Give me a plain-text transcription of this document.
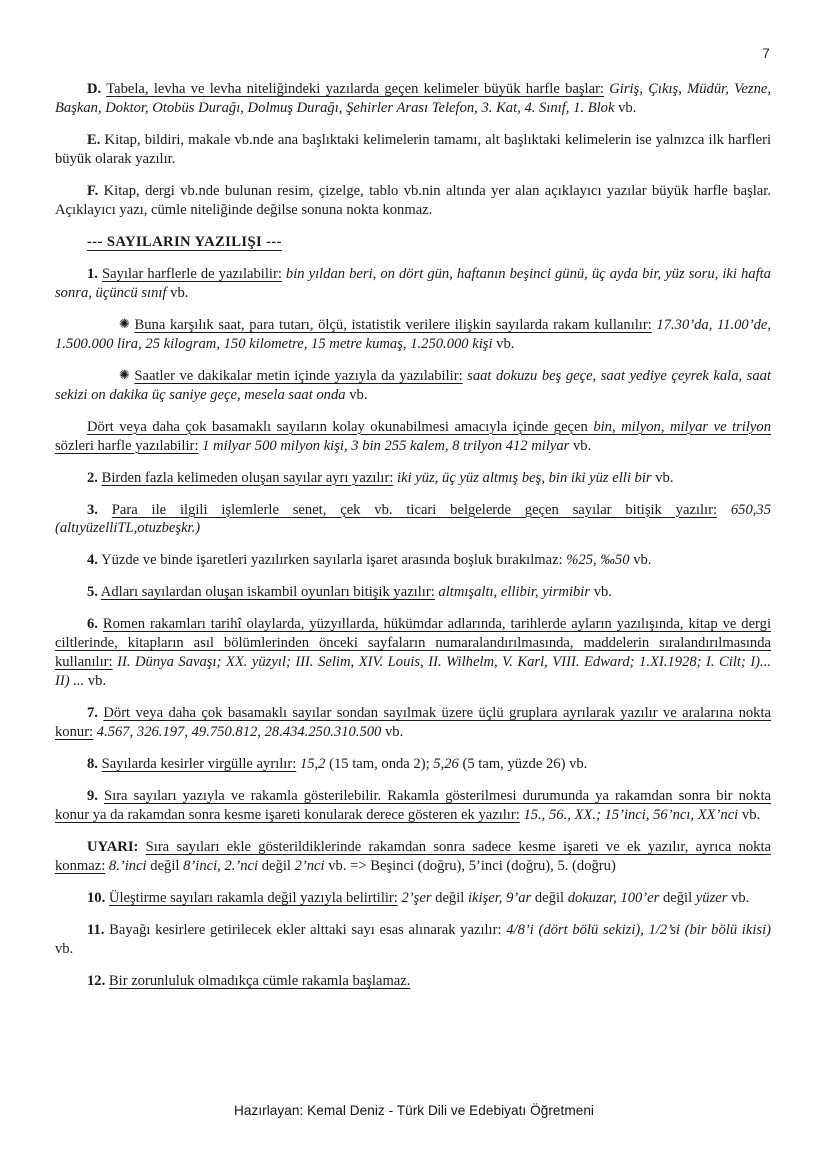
7

D. Tabela, levha ve levha niteliğindeki yazılarda geçen kelimeler büyük harfle başlar: Giriş, Çıkış, Müdür, Vezne, Başkan, Doktor, Otobüs Durağı, Dolmuş Durağı, Şehirler Arası Telefon, 3. Kat, 4. Sınıf, 1. Blok vb.

E. Kitap, bildiri, makale vb.nde ana başlıktaki kelimelerin tamamı, alt başlıktaki kelimelerin ise yalnızca ilk harfleri büyük olarak yazılır.

F. Kitap, dergi vb.nde bulunan resim, çizelge, tablo vb.nin altında yer alan açıklayıcı yazılar büyük harfle başlar. Açıklayıcı yazı, cümle niteliğinde değilse sonuna nokta konmaz.

--- SAYILARIN YAZILIŞI ---

1. Sayılar harflerle de yazılabilir: bin yıldan beri, on dört gün, haftanın beşinci günü, üç ayda bir, yüz soru, iki hafta sonra, üçüncü sınıf vb.

✺ Buna karşılık saat, para tutarı, ölçü, istatistik verilere ilişkin sayılarda rakam kullanılır: 17.30’da, 11.00’de, 1.500.000 lira, 25 kilogram, 150 kilometre, 15 metre kumaş, 1.250.000 kişi vb.

✺ Saatler ve dakikalar metin içinde yazıyla da yazılabilir: saat dokuzu beş geçe, saat yediye çeyrek kala, saat sekizi on dakika üç saniye geçe, mesela saat onda vb.

Dört veya daha çok basamaklı sayıların kolay okunabilmesi amacıyla içinde geçen bin, milyon, milyar ve trilyon sözleri harfle yazılabilir: 1 milyar 500 milyon kişi, 3 bin 255 kalem, 8 trilyon 412 milyar vb.

2. Birden fazla kelimeden oluşan sayılar ayrı yazılır: iki yüz, üç yüz altmış beş, bin iki yüz elli bir vb.

3. Para ile ilgili işlemlerle senet, çek vb. ticari belgelerde geçen sayılar bitişik yazılır: 650,35 (altıyüzelliTL,otuzbeşkr.)

4. Yüzde ve binde işaretleri yazılırken sayılarla işaret arasında boşluk bırakılmaz: %25, ‰50 vb.

5. Adları sayılardan oluşan iskambil oyunları bitişik yazılır: altmışaltı, ellibir, yirmibir vb.

6. Romen rakamları tarihî olaylarda, yüzyıllarda, hükümdar adlarında, tarihlerde ayların yazılışında, kitap ve dergi ciltlerinde, kitapların asıl bölümlerinden önceki sayfaların numaralandırılmasında, maddelerin sıralandırılmasında kullanılır: II. Dünya Savaşı; XX. yüzyıl; III. Selim, XIV. Louis, II. Wilhelm, V. Karl, VIII. Edward; 1.XI.1928; I. Cilt; I)... II) ... vb.

7. Dört veya daha çok basamaklı sayılar sondan sayılmak üzere üçlü gruplara ayrılarak yazılır ve aralarına nokta konur: 4.567, 326.197, 49.750.812, 28.434.250.310.500 vb.

8. Sayılarda kesirler virgülle ayrılır: 15,2 (15 tam, onda 2); 5,26 (5 tam, yüzde 26) vb.

9. Sıra sayıları yazıyla ve rakamla gösterilebilir. Rakamla gösterilmesi durumunda ya rakamdan sonra bir nokta konur ya da rakamdan sonra kesme işareti konularak derece gösteren ek yazılır: 15., 56., XX.; 15’inci, 56’ncı, XX’nci vb.

UYARI: Sıra sayıları ekle gösterildiklerinde rakamdan sonra sadece kesme işareti ve ek yazılır, ayrıca nokta konmaz: 8.’inci değil 8’inci, 2.’nci değil 2’nci vb. => Beşinci (doğru), 5’inci (doğru), 5. (doğru)

10. Üleştirme sayıları rakamla değil yazıyla belirtilir: 2’şer değil ikişer, 9’ar değil dokuzar, 100’er değil yüzer vb.

11. Bayağı kesirlere getirilecek ekler alttaki sayı esas alınarak yazılır: 4/8’i (dört bölü sekizi), 1/2’si (bir bölü ikisi) vb.

12. Bir zorunluluk olmadıkça cümle rakamla başlamaz.

Hazırlayan: Kemal Deniz - Türk Dili ve Edebiyatı Öğretmeni
